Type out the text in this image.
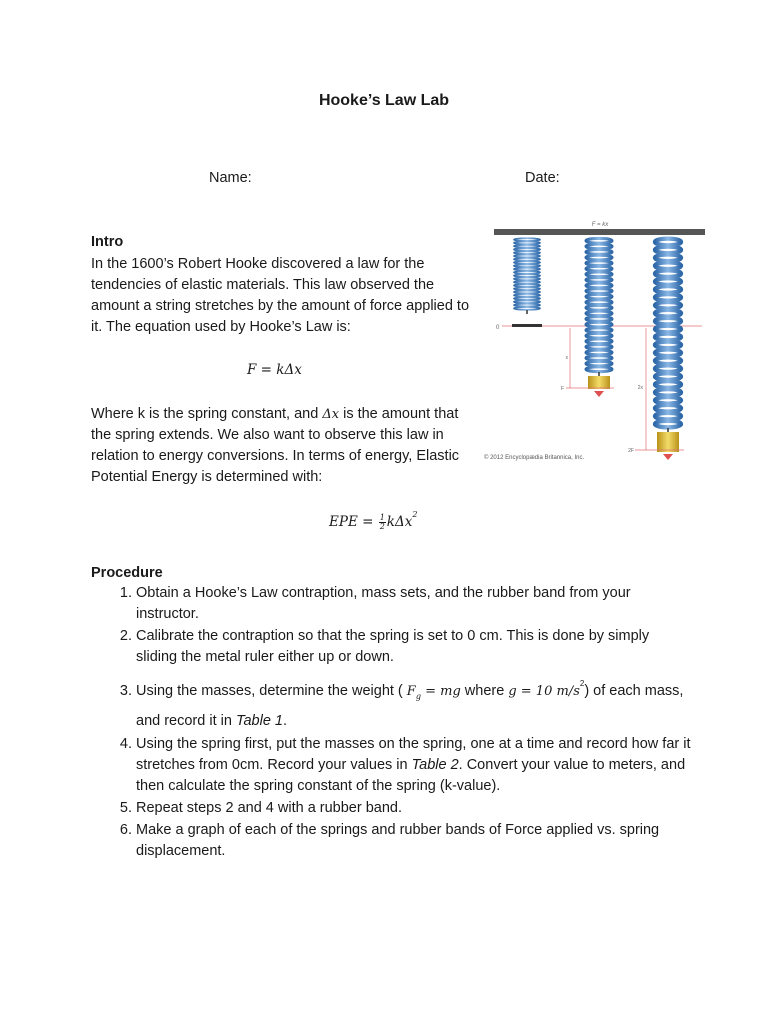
Hooke’s Law Lab
Name:	Date:
Intro
In the 1600’s Robert Hooke discovered a law for the tendencies of elastic materials. This law observed the amount a string stretches by the amount of force applied to it. The equation used by Hooke’s Law is:
F = kΔx
Where k is the spring constant, and Δx is the amount that the spring extends. We also want to observe this law in relation to energy conversions. In terms of energy, Elastic Potential Energy is determined with:
EPE = $\frac{1}{2} k\Delta x^2$
F = kx
0
x
F	2x
2F
© 2012 Encyclopædia Britannica, Inc.
Procedure
1. Obtain a Hooke’s Law contraption, mass sets, and the rubber band from your instructor.
2. Calibrate the contraption so that the spring is set to 0 cm. This is done by simply sliding the metal ruler either up or down.
3. Using the masses, determine the weight ( $F_g$ = mg where g = 10 $m/s^2$) of each mass, and record it in Table 1.
4. Using the spring first, put the masses on the spring, one at a time and record how far it stretches from 0cm. Record your values in Table 2. Convert your value to meters, and then calculate the spring constant of the spring (k-value).
5. Repeat steps 2 and 4 with a rubber band.
6. Make a graph of each of the springs and rubber bands of Force applied vs. spring displacement.
